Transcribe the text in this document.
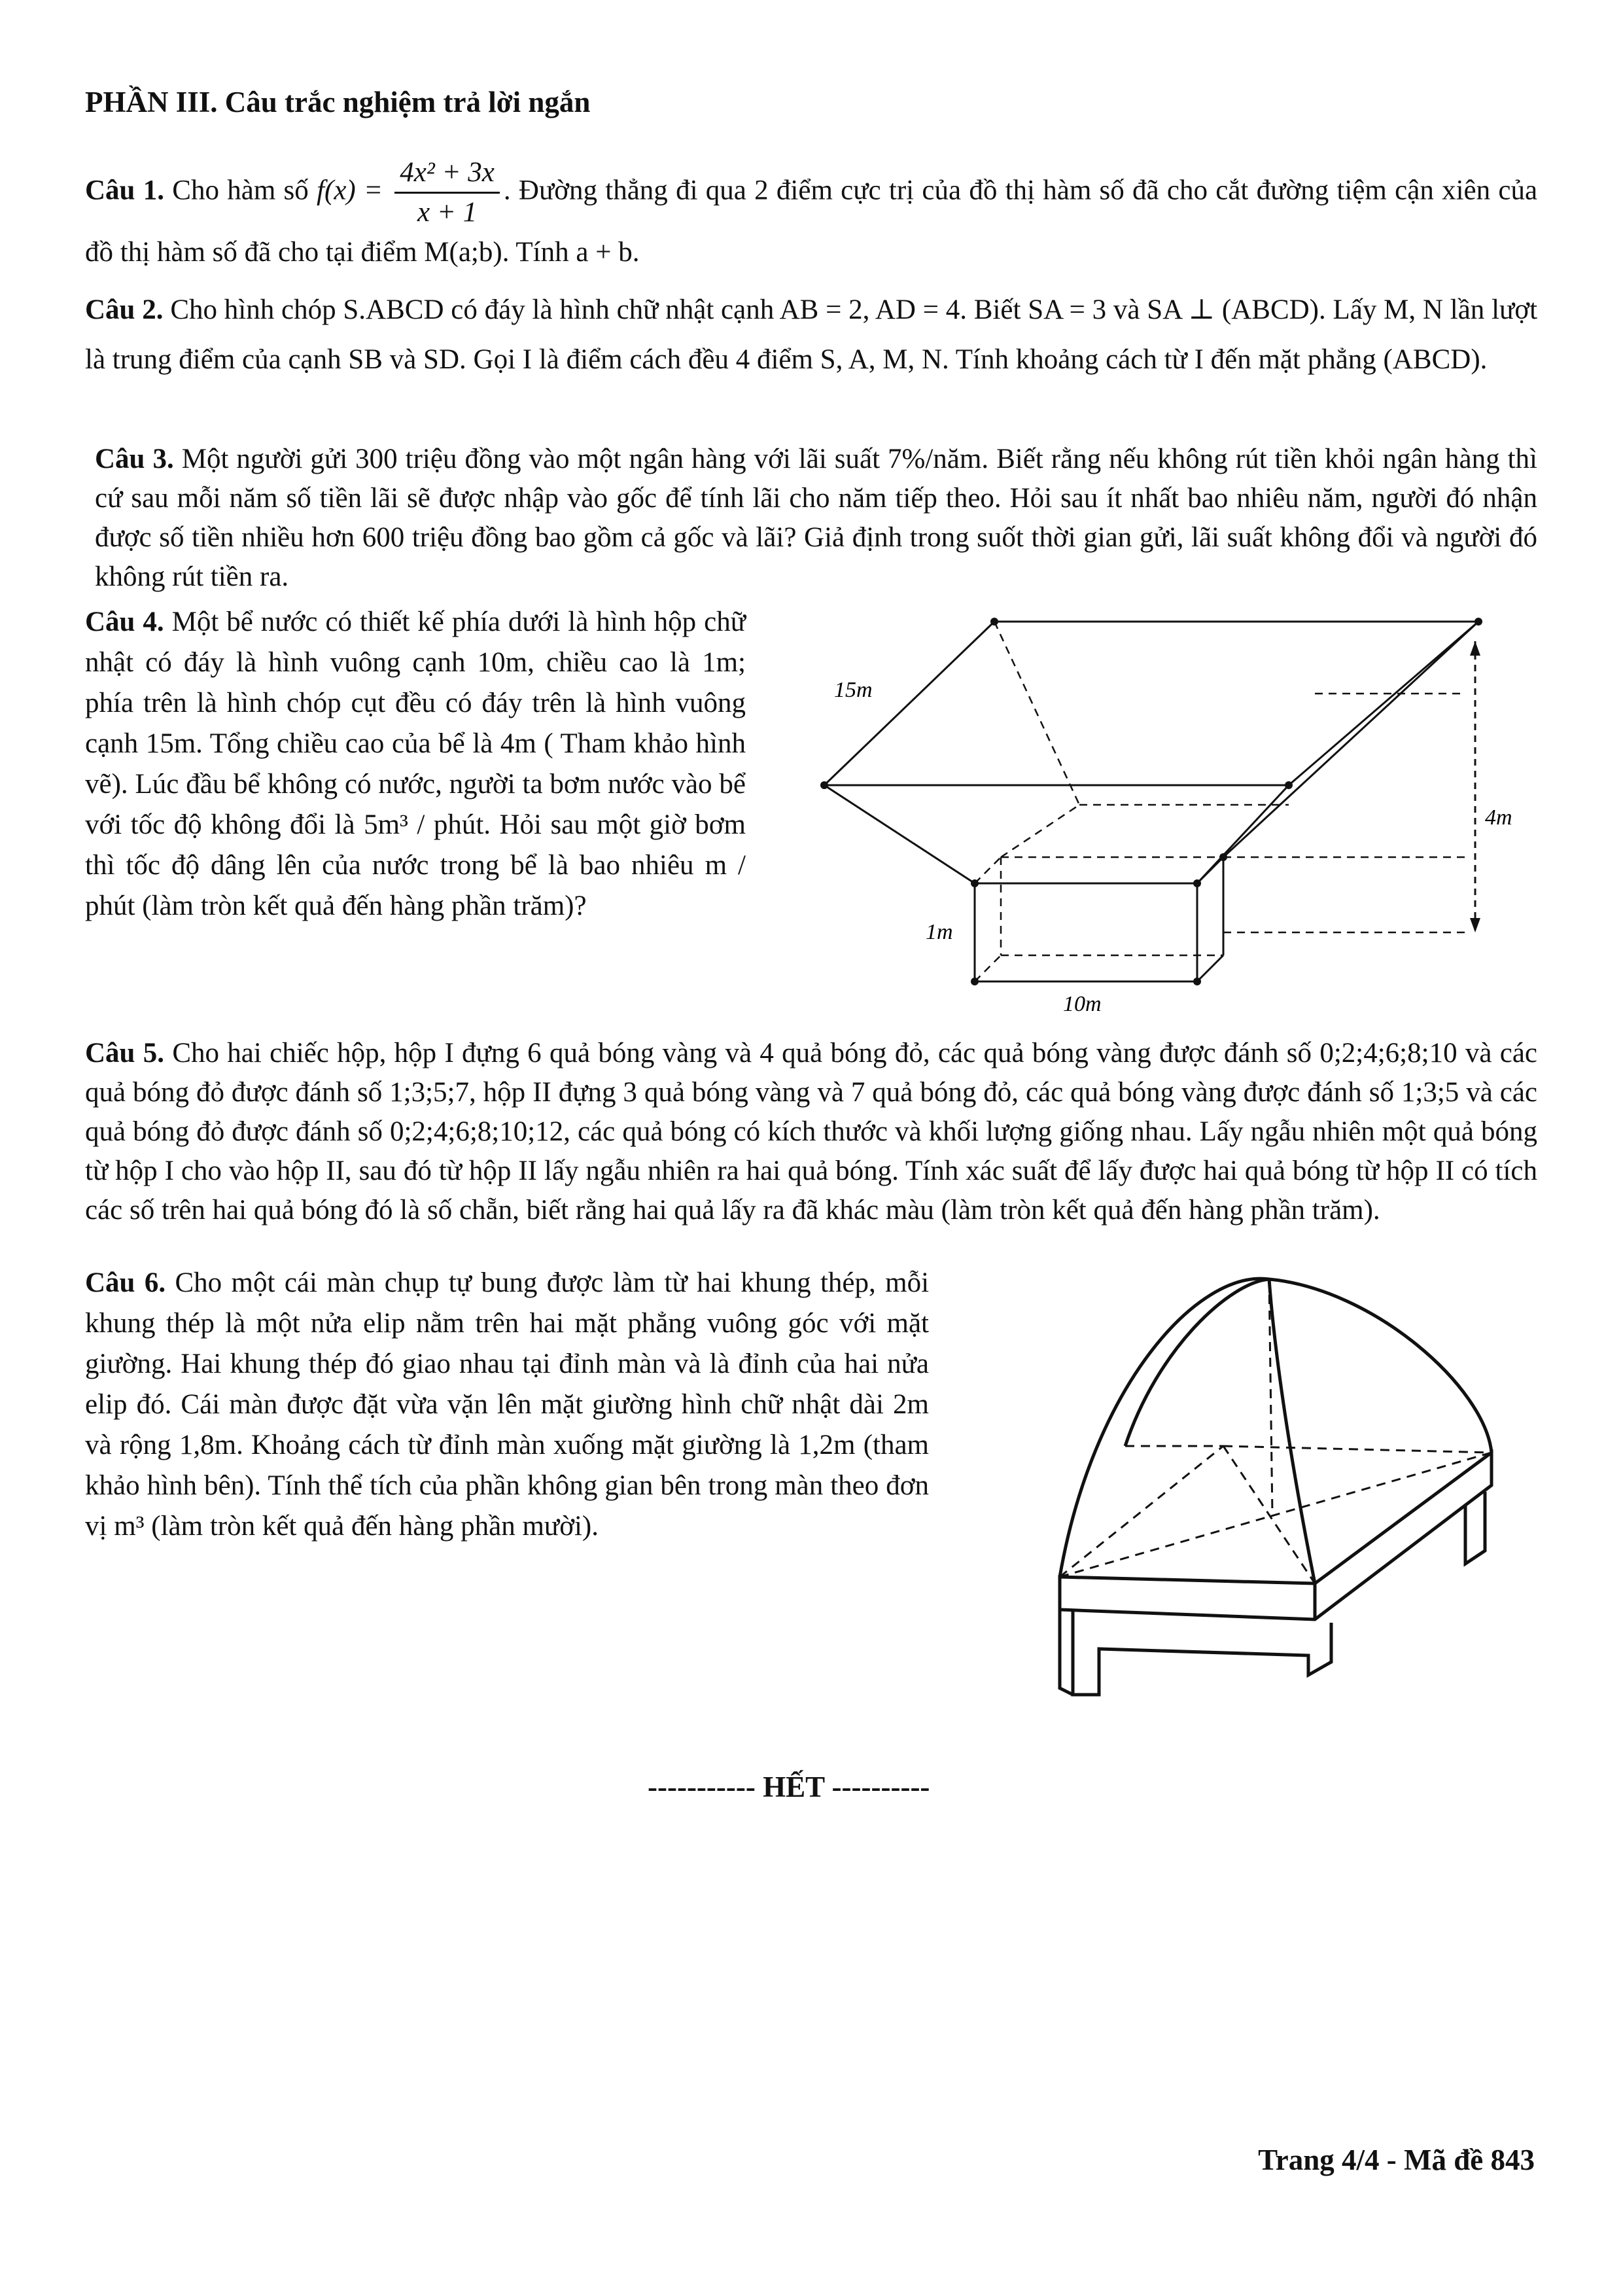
PHẦN III. Câu trắc nghiệm trả lời ngắn

Câu 1. Cho hàm số $f(x) = \frac{\text{4x² + 3x}}{x + 1}$ . Đường thẳng đi qua 2 điểm cực trị của đồ thị hàm số đã cho cắt đường tiệm cận xiên của đồ thị hàm số đã cho tại điểm M(a;b). Tính a + b.

Câu 2. Cho hình chóp S.ABCD có đáy là hình chữ nhật cạnh AB = 2, AD = 4. Biết SA = 3 và SA ⊥ (ABCD). Lấy M, N lần lượt là trung điểm của cạnh SB và SD. Gọi I là điểm cách đều 4 điểm S, A, M, N. Tính khoảng cách từ I đến mặt phẳng (ABCD).

Câu 3. Một người gửi 300 triệu đồng vào một ngân hàng với lãi suất 7%/năm. Biết rằng nếu không rút tiền khỏi ngân hàng thì cứ sau mỗi năm số tiền lãi sẽ được nhập vào gốc để tính lãi cho năm tiếp theo. Hỏi sau ít nhất bao nhiêu năm, người đó nhận được số tiền nhiều hơn 600 triệu đồng bao gồm cả gốc và lãi? Giả định trong suốt thời gian gửi, lãi suất không đổi và người đó không rút tiền ra.

Câu 4. Một bể nước có thiết kế phía dưới là hình hộp chữ nhật có đáy là hình vuông cạnh 10m, chiều cao là 1m; phía trên là hình chóp cụt đều có đáy trên là hình vuông cạnh 15m. Tổng chiều cao của bể là 4m ( Tham khảo hình vẽ). Lúc đầu bể không có nước, người ta bơm nước vào bể với tốc độ không đổi là 5m³ / phút. Hỏi sau một giờ bơm thì tốc độ dâng lên của nước trong bể là bao nhiêu m / phút (làm tròn kết quả đến hàng phần trăm)?

15m
4m
1m
10m

Câu 5. Cho hai chiếc hộp, hộp I đựng 6 quả bóng vàng và 4 quả bóng đỏ, các quả bóng vàng được đánh số 0;2;4;6;8;10 và các quả bóng đỏ được đánh số 1;3;5;7, hộp II đựng 3 quả bóng vàng và 7 quả bóng đỏ, các quả bóng vàng được đánh số 1;3;5 và các quả bóng đỏ được đánh số 0;2;4;6;8;10;12, các quả bóng có kích thước và khối lượng giống nhau. Lấy ngẫu nhiên một quả bóng từ hộp I cho vào hộp II, sau đó từ hộp II lấy ngẫu nhiên ra hai quả bóng. Tính xác suất để lấy được hai quả bóng từ hộp II có tích các số trên hai quả bóng đó là số chẵn, biết rằng hai quả lấy ra đã khác màu (làm tròn kết quả đến hàng phần trăm).

Câu 6. Cho một cái màn chụp tự bung được làm từ hai khung thép, mỗi khung thép là một nửa elip nằm trên hai mặt phẳng vuông góc với mặt giường. Hai khung thép đó giao nhau tại đỉnh màn và là đỉnh của hai nửa elip đó. Cái màn được đặt vừa vặn lên mặt giường hình chữ nhật dài 2m và rộng 1,8m. Khoảng cách từ đỉnh màn xuống mặt giường là 1,2m (tham khảo hình bên). Tính thể tích của phần không gian bên trong màn theo đơn vị m³ (làm tròn kết quả đến hàng phần mười).

----------- HẾT ----------
Trang 4/4 - Mã đề 843
